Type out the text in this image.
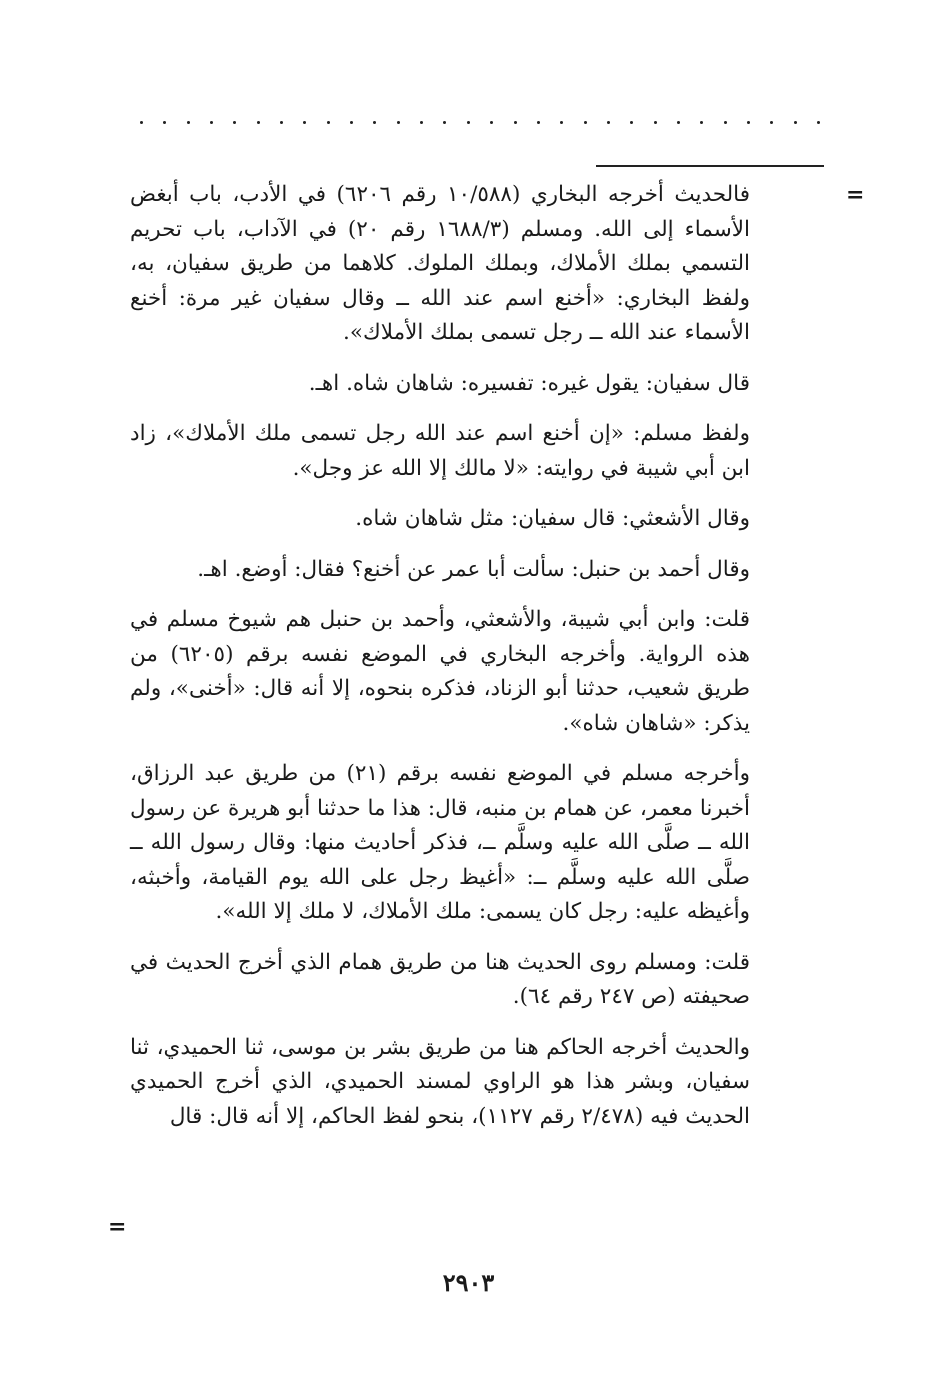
=

فالحديث أخرجه البخاري (١٠/٥٨٨ رقم ٦٢٠٦) في الأدب، باب أبغض الأسماء إلى الله. ومسلم (١٦٨٨/٣ رقم ٢٠) في الآداب، باب تحريم التسمي بملك الأملاك، وبملك الملوك. كلاهما من طريق سفيان، به، ولفظ البخاري: «أخنع اسم عند الله ــ وقال سفيان غير مرة: أخنع الأسماء عند الله ــ رجل تسمى بملك الأملاك».

قال سفيان: يقول غيره: تفسيره: شاهان شاه. اهـ.

ولفظ مسلم: «إن أخنع اسم عند الله رجل تسمى ملك الأملاك»، زاد ابن أبي شيبة في روايته: «لا مالك إلا الله عز وجل».

وقال الأشعثي: قال سفيان: مثل شاهان شاه.

وقال أحمد بن حنبل: سألت أبا عمر عن أخنع؟ فقال: أوضع. اهـ.

قلت: وابن أبي شيبة، والأشعثي، وأحمد بن حنبل هم شيوخ مسلم في هذه الرواية. وأخرجه البخاري في الموضع نفسه برقم (٦٢٠٥) من طريق شعيب، حدثنا أبو الزناد، فذكره بنحوه، إلا أنه قال: «أخنى»، ولم يذكر: «شاهان شاه».

وأخرجه مسلم في الموضع نفسه برقم (٢١) من طريق عبد الرزاق، أخبرنا معمر، عن همام بن منبه، قال: هذا ما حدثنا أبو هريرة عن رسول الله ــ صلَّى الله عليه وسلَّم ــ، فذكر أحاديث منها: وقال رسول الله ــ صلَّى الله عليه وسلَّم ــ: «أغيظ رجل على الله يوم القيامة، وأخبثه، وأغيظه عليه: رجل كان يسمى: ملك الأملاك، لا ملك إلا الله».

قلت: ومسلم روى الحديث هنا من طريق همام الذي أخرج الحديث في صحيفته (ص ٢٤٧ رقم ٦٤).

والحديث أخرجه الحاكم هنا من طريق بشر بن موسى، ثنا الحميدي، ثنا سفيان، وبشر هذا هو الراوي لمسند الحميدي، الذي أخرج الحميدي الحديث فيه (٢/٤٧٨ رقم ١١٢٧)، بنحو لفظ الحاكم، إلا أنه قال: قال

=
٢٩٠٣
